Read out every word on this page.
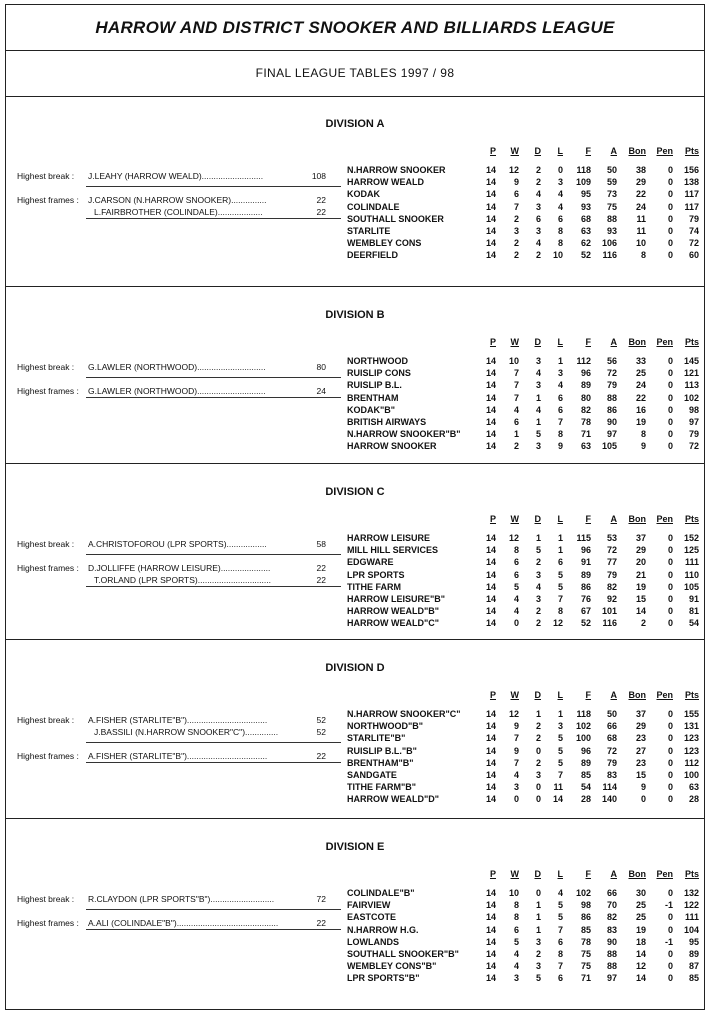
HARROW AND DISTRICT SNOOKER AND BILLIARDS LEAGUE
FINAL LEAGUE TABLES 1997 / 98
DIVISION A
P	W	D	L	F	A	Bon	Pen	Pts
N.HARROW SNOOKER	14	12	2	0	118	50	38	0	156
HARROW WEALD	14	9	2	3	109	59	29	0	138
KODAK	14	6	4	4	95	73	22	0	117
COLINDALE	14	7	3	4	93	75	24	0	117
SOUTHALL SNOOKER	14	2	6	6	68	88	11	0	79
STARLITE	14	3	3	8	63	93	11	0	74
WEMBLEY CONS	14	2	4	8	62	106	10	0	72
DEERFIELD	14	2	2	10	52	116	8	0	60
Highest break : J.LEAHY (HARROW WEALD)..........................	108
Highest frames : J.CARSON (N.HARROW SNOOKER)...............	22
L.FAIRBROTHER (COLINDALE)...................	22
DIVISION B
P	W	D	L	F	A	Bon	Pen	Pts
NORTHWOOD	14	10	3	1	112	56	33	0	145
RUISLIP CONS	14	7	4	3	96	72	25	0	121
RUISLIP B.L.	14	7	3	4	89	79	24	0	113
BRENTHAM	14	7	1	6	80	88	22	0	102
KODAK"B"	14	4	4	6	82	86	16	0	98
BRITISH AIRWAYS	14	6	1	7	78	90	19	0	97
N.HARROW SNOOKER"B"	14	1	5	8	71	97	8	0	79
HARROW SNOOKER	14	2	3	9	63	105	9	0	72
Highest break : G.LAWLER (NORTHWOOD).............................	80
Highest frames : G.LAWLER (NORTHWOOD).............................	24
DIVISION C
P	W	D	L	F	A	Bon	Pen	Pts
HARROW LEISURE	14	12	1	1	115	53	37	0	152
MILL HILL SERVICES	14	8	5	1	96	72	29	0	125
EDGWARE	14	6	2	6	91	77	20	0	111
LPR SPORTS	14	6	3	5	89	79	21	0	110
TITHE FARM	14	5	4	5	86	82	19	0	105
HARROW LEISURE"B"	14	4	3	7	76	92	15	0	91
HARROW WEALD"B"	14	4	2	8	67	101	14	0	81
HARROW WEALD"C"	14	0	2	12	52	116	2	0	54
Highest break : A.CHRISTOFOROU (LPR SPORTS).................	58
Highest frames : D.JOLLIFFE (HARROW LEISURE).....................	22
T.ORLAND (LPR SPORTS)...............................	22
DIVISION D
P	W	D	L	F	A	Bon	Pen	Pts
N.HARROW SNOOKER"C"	14	12	1	1	118	50	37	0	155
NORTHWOOD"B"	14	9	2	3	102	66	29	0	131
STARLITE"B"	14	7	2	5	100	68	23	0	123
RUISLIP B.L."B"	14	9	0	5	96	72	27	0	123
BRENTHAM"B"	14	7	2	5	89	79	23	0	112
SANDGATE	14	4	3	7	85	83	15	0	100
TITHE FARM"B"	14	3	0	11	54	114	9	0	63
HARROW WEALD"D"	14	0	0	14	28	140	0	0	28
Highest break : A.FISHER (STARLITE"B")..................................	52
J.BASSILI (N.HARROW SNOOKER"C")..............	52
Highest frames : A.FISHER (STARLITE"B")..................................	22
DIVISION E
P	W	D	L	F	A	Bon	Pen	Pts
COLINDALE"B"	14	10	0	4	102	66	30	0	132
FAIRVIEW	14	8	1	5	98	70	25	-1	122
EASTCOTE	14	8	1	5	86	82	25	0	111
N.HARROW H.G.	14	6	1	7	85	83	19	0	104
LOWLANDS	14	5	3	6	78	90	18	-1	95
SOUTHALL SNOOKER"B"	14	4	2	8	75	88	14	0	89
WEMBLEY CONS"B"	14	4	3	7	75	88	12	0	87
LPR SPORTS"B"	14	3	5	6	71	97	14	0	85
Highest break : R.CLAYDON (LPR SPORTS"B")...........................	72
Highest frames : A.ALI (COLINDALE"B")...........................................	22
